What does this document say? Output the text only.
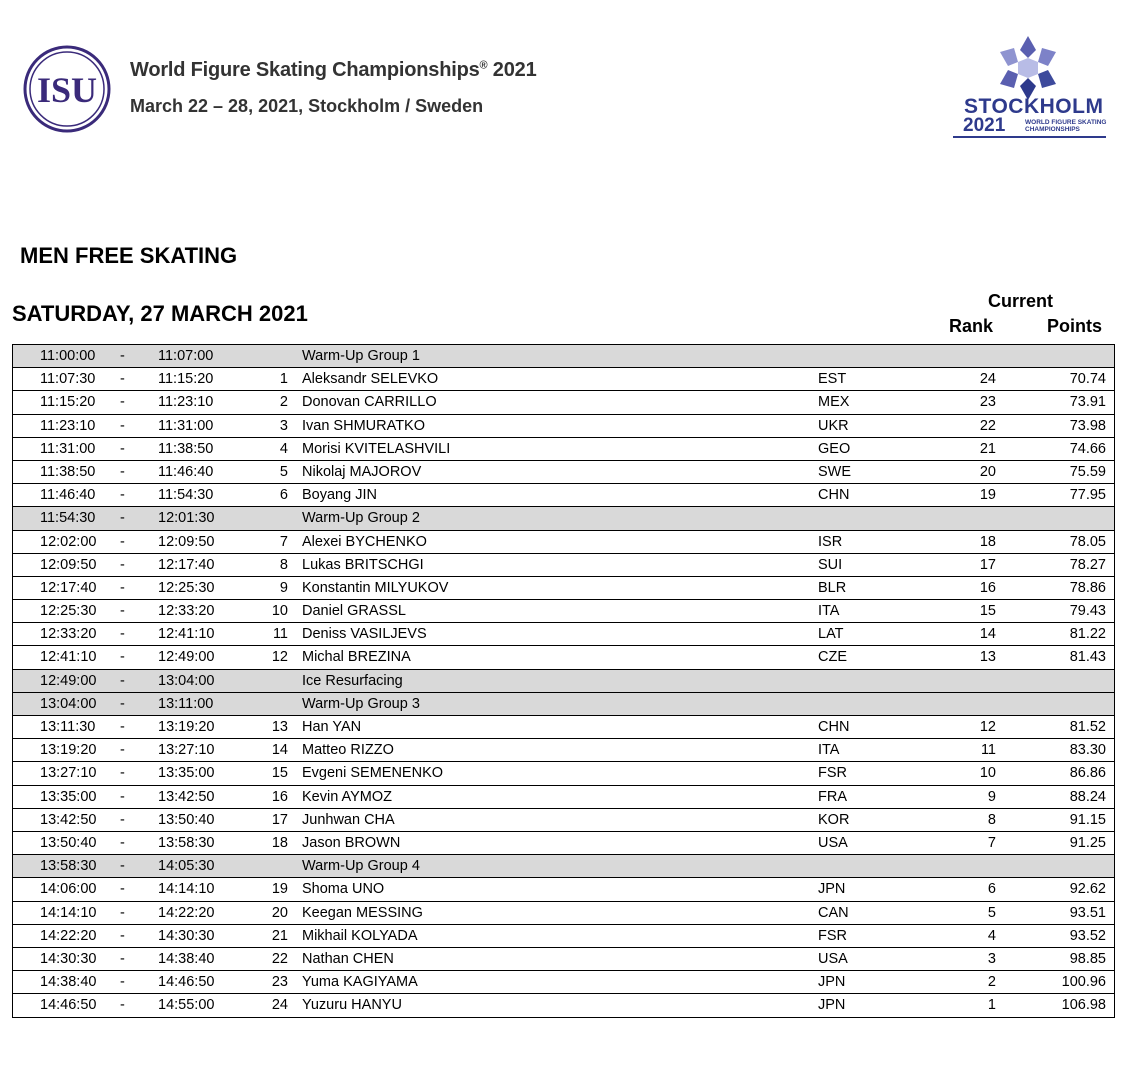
ISU World Figure Skating Championships® 2021
March 22 – 28, 2021, Stockholm / Sweden	STOCKHOLM
2021	WORLD FIGURE SKATING
CHAMPIONSHIPS
MEN FREE SKATING
SATURDAY, 27 MARCH 2021	Current
Rank	Points
11:00:00 - 11:07:00	Warm-Up Group 1
11:07:30 - 11:15:20	1 Aleksandr SELEVKO	EST	24	70.74
11:15:20 - 11:23:10	2 Donovan CARRILLO	MEX	23	73.91
11:23:10 - 11:31:00	3 Ivan SHMURATKO	UKR	22	73.98
11:31:00 - 11:38:50	4 Morisi KVITELASHVILI	GEO	21	74.66
11:38:50 - 11:46:40	5 Nikolaj MAJOROV	SWE	20	75.59
11:46:40 - 11:54:30	6 Boyang JIN	CHN	19	77.95
11:54:30 - 12:01:30	Warm-Up Group 2
12:02:00 - 12:09:50	7 Alexei BYCHENKO	ISR	18	78.05
12:09:50 - 12:17:40	8 Lukas BRITSCHGI	SUI	17	78.27
12:17:40 - 12:25:30	9 Konstantin MILYUKOV	BLR	16	78.86
12:25:30 - 12:33:20	10 Daniel GRASSL	ITA	15	79.43
12:33:20 - 12:41:10	11 Deniss VASILJEVS	LAT	14	81.22
12:41:10 - 12:49:00	12 Michal BREZINA	CZE	13	81.43
12:49:00 - 13:04:00	Ice Resurfacing
13:04:00 - 13:11:00	Warm-Up Group 3
13:11:30 - 13:19:20	13 Han YAN	CHN	12	81.52
13:19:20 - 13:27:10	14 Matteo RIZZO	ITA	11	83.30
13:27:10 - 13:35:00	15 Evgeni SEMENENKO	FSR	10	86.86
13:35:00 - 13:42:50	16 Kevin AYMOZ	FRA	9	88.24
13:42:50 - 13:50:40	17 Junhwan CHA	KOR	8	91.15
13:50:40 - 13:58:30	18 Jason BROWN	USA	7	91.25
13:58:30 - 14:05:30	Warm-Up Group 4
14:06:00 - 14:14:10	19 Shoma UNO	JPN	6	92.62
14:14:10 - 14:22:20	20 Keegan MESSING	CAN	5	93.51
14:22:20 - 14:30:30	21 Mikhail KOLYADA	FSR	4	93.52
14:30:30 - 14:38:40	22 Nathan CHEN	USA	3	98.85
14:38:40 - 14:46:50	23 Yuma KAGIYAMA	JPN	2	100.96
14:46:50 - 14:55:00	24 Yuzuru HANYU	JPN	1	106.98
